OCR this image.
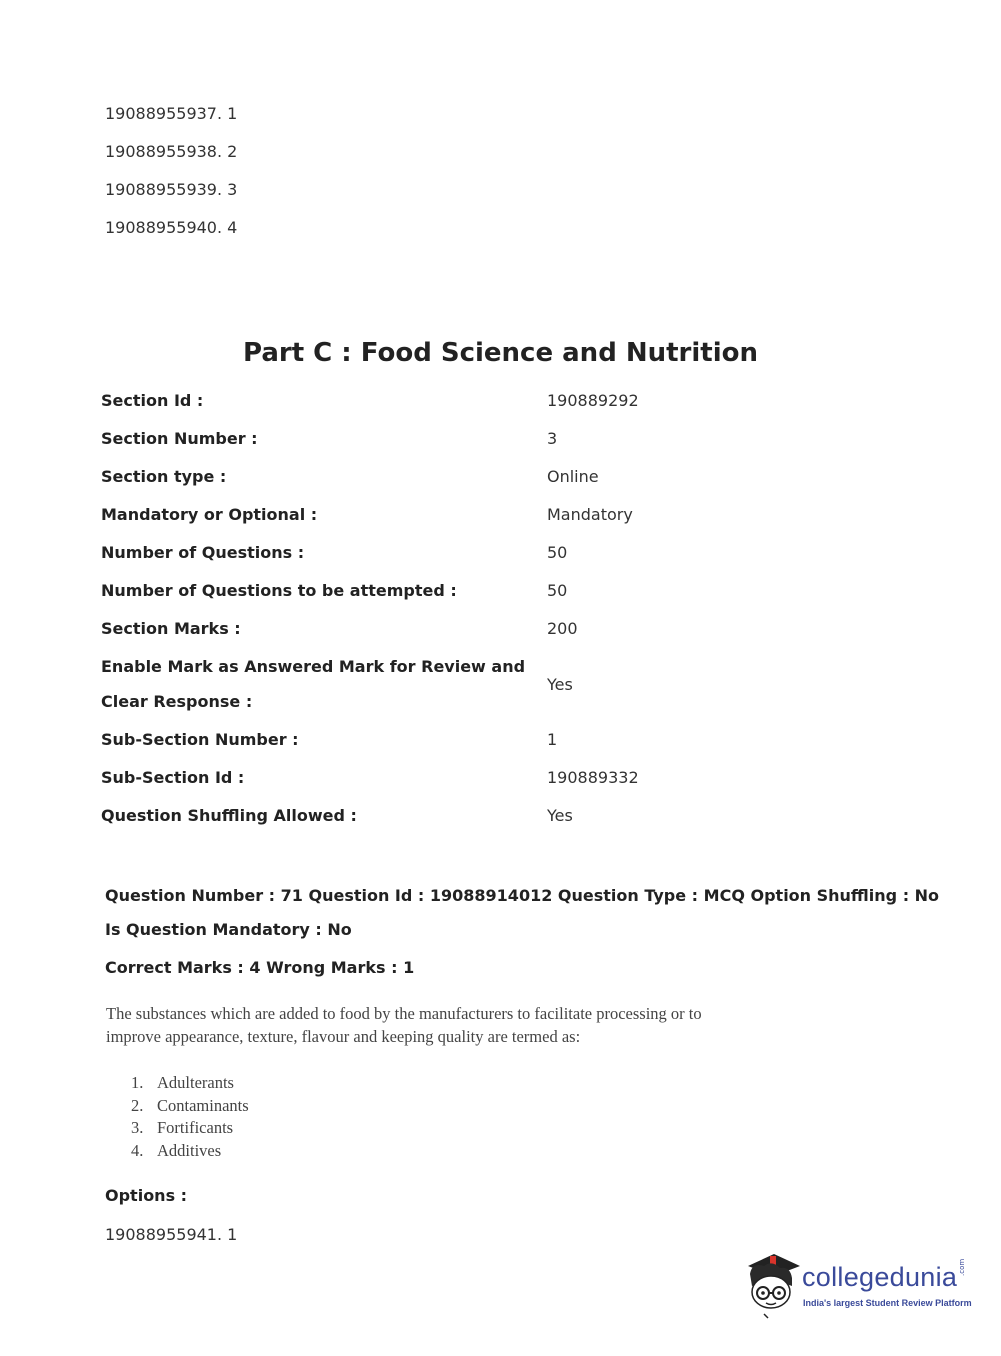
19088955937. 1
19088955938. 2
19088955939. 3
19088955940. 4
Part C : Food Science and Nutrition
Section Id :	190889292
Section Number :	3
Section type :	Online
Mandatory or Optional :	Mandatory
Number of Questions :	50
Number of Questions to be attempted :	50
Section Marks :	200
Enable Mark as Answered Mark for Review and
Clear Response :
Yes
Sub-Section Number :	1
Sub-Section Id :	190889332
Question Shuffling Allowed :	Yes
Question Number : 71 Question Id : 19088914012 Question Type : MCQ Option Shuffling : No
Is Question Mandatory : No
Correct Marks : 4 Wrong Marks : 1
The substances which are added to food by the manufacturers to facilitate processing or to
improve appearance, texture, flavour and keeping quality are termed as:
1. Adulterants
2. Contaminants
3. Fortificants
4. Additives
Options :
19088955941. 1
collegedunia .com
India's largest Student Review Platform
